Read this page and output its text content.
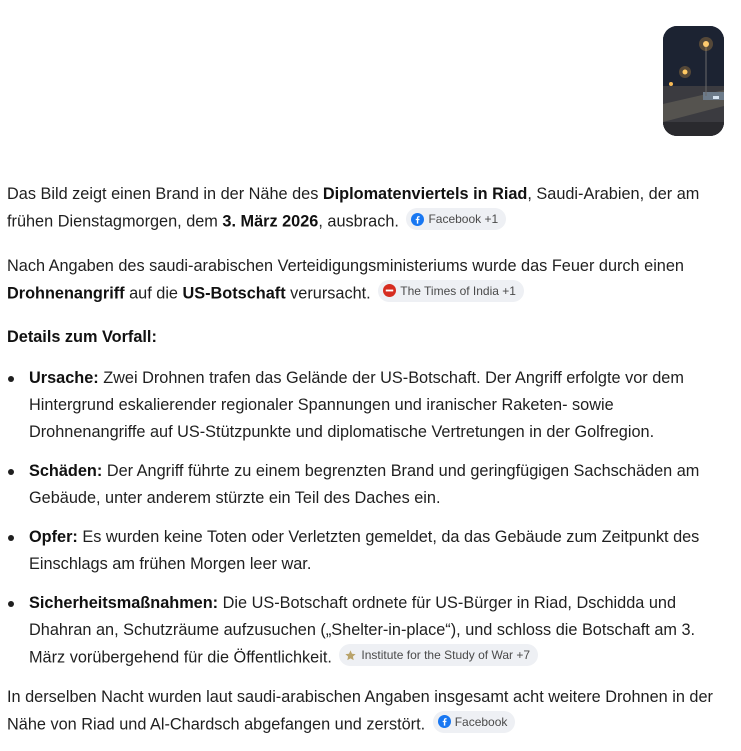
Das Bild zeigt einen Brand in der Nähe des Diplomatenviertels in Riad, Saudi-Arabien, der am frühen Dienstagmorgen, dem 3. März 2026, ausbrach. Facebook +1

Nach Angaben des saudi-arabischen Verteidigungsministeriums wurde das Feuer durch einen Drohnenangriff auf die US-Botschaft verursacht. The Times of India +1

Details zum Vorfall:
Ursache: Zwei Drohnen trafen das Gelände der US-Botschaft. Der Angriff erfolgte vor dem Hintergrund eskalierender regionaler Spannungen und iranischer Raketen- sowie Drohnenangriffe auf US-Stützpunkte und diplomatische Vertretungen in der Golfregion.
Schäden: Der Angriff führte zu einem begrenzten Brand und geringfügigen Sachschäden am Gebäude, unter anderem stürzte ein Teil des Daches ein.
Opfer: Es wurden keine Toten oder Verletzten gemeldet, da das Gebäude zum Zeitpunkt des Einschlags am frühen Morgen leer war.
Sicherheitsmaßnahmen: Die US-Botschaft ordnete für US-Bürger in Riad, Dschidda und Dhahran an, Schutzräume aufzusuchen („Shelter-in-place“), und schloss die Botschaft am 3. März vorübergehend für die Öffentlichkeit. Institute for the Study of War +7

In derselben Nacht wurden laut saudi-arabischen Angaben insgesamt acht weitere Drohnen in der Nähe von Riad und Al-Chardsch abgefangen und zerstört. Facebook
